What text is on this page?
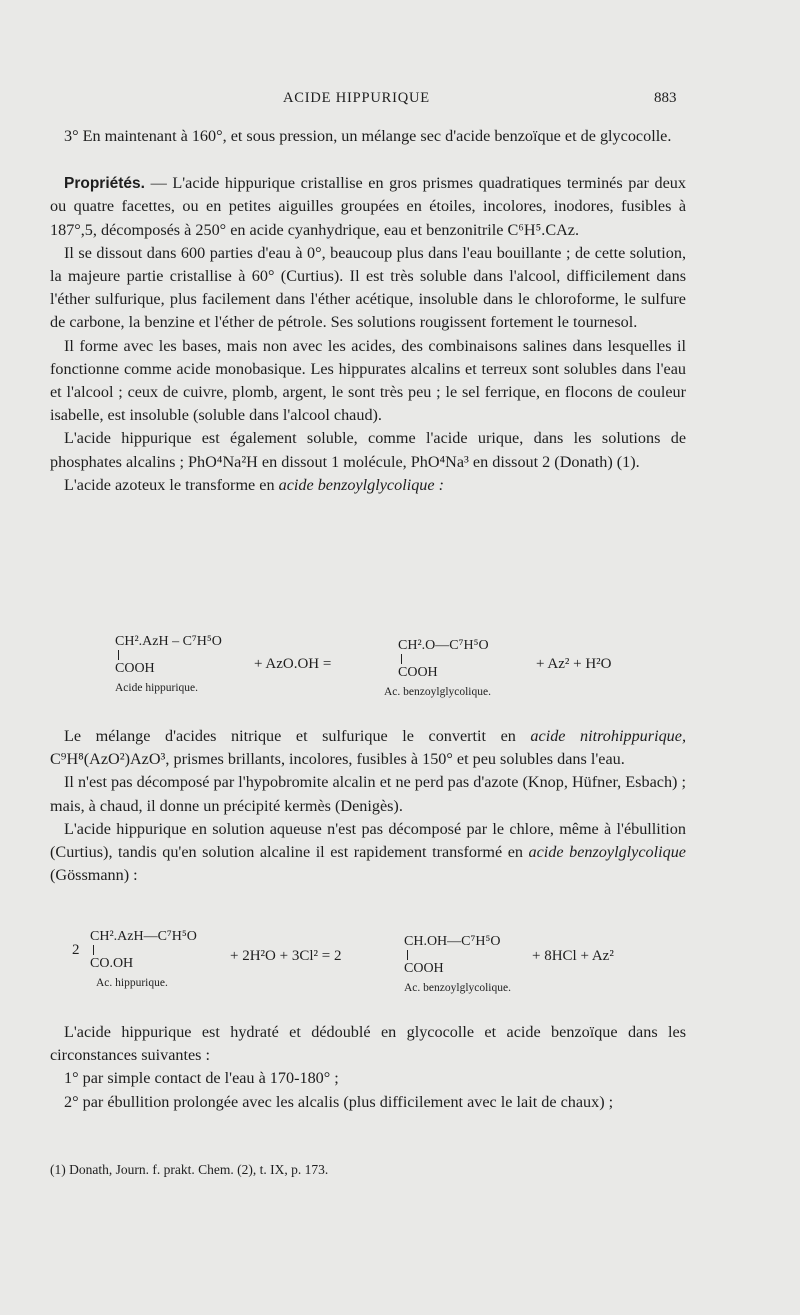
ACIDE HIPPURIQUE	883

3° En maintenant à 160°, et sous pression, un mélange sec d'acide benzoïque et de glycocolle.

Propriétés. — L'acide hippurique cristallise en gros prismes quadratiques terminés par deux ou quatre facettes, ou en petites aiguilles groupées en étoiles, incolores, inodores, fusibles à 187°,5, décomposés à 250° en acide cyanhydrique, eau et benzonitrile C⁶H⁵.CAz.

Il se dissout dans 600 parties d'eau à 0°, beaucoup plus dans l'eau bouillante ; de cette solution, la majeure partie cristallise à 60° (Curtius). Il est très soluble dans l'alcool, difficilement dans l'éther sulfurique, plus facilement dans l'éther acétique, insoluble dans le chloroforme, le sulfure de carbone, la benzine et l'éther de pétrole. Ses solutions rougissent fortement le tournesol.

Il forme avec les bases, mais non avec les acides, des combinaisons salines dans lesquelles il fonctionne comme acide monobasique. Les hippurates alcalins et terreux sont solubles dans l'eau et l'alcool ; ceux de cuivre, plomb, argent, le sont très peu ; le sel ferrique, en flocons de couleur isabelle, est insoluble (soluble dans l'alcool chaud).

L'acide hippurique est également soluble, comme l'acide urique, dans les solutions de phosphates alcalins ; PhO⁴Na²H en dissout 1 molécule, PhO⁴Na³ en dissout 2 (Donath) (1).

L'acide azoteux le transforme en acide benzoylglycolique :

CH².AzH – C⁷H⁵O
COOH
Acide hippurique.
+ AzO.OH =
CH².O—C⁷H⁵O
COOH
Ac. benzoylglycolique.
+ Az² + H²O

Le mélange d'acides nitrique et sulfurique le convertit en acide nitrohippurique, C⁹H⁸(AzO²)AzO³, prismes brillants, incolores, fusibles à 150° et peu solubles dans l'eau.

Il n'est pas décomposé par l'hypobromite alcalin et ne perd pas d'azote (Knop, Hüfner, Esbach) ; mais, à chaud, il donne un précipité kermès (Denigès).

L'acide hippurique en solution aqueuse n'est pas décomposé par le chlore, même à l'ébullition (Curtius), tandis qu'en solution alcaline il est rapidement transformé en acide benzoylglycolique (Gössmann) :

2
CH².AzH—C⁷H⁵O
CO.OH
Ac. hippurique.
+ 2H²O + 3Cl² = 2
CH.OH—C⁷H⁵O
COOH
Ac. benzoylglycolique.
+ 8HCl + Az²

L'acide hippurique est hydraté et dédoublé en glycocolle et acide benzoïque dans les circonstances suivantes :

1° par simple contact de l'eau à 170-180° ;

2° par ébullition prolongée avec les alcalis (plus difficilement avec le lait de chaux) ;

(1) Donath, Journ. f. prakt. Chem. (2), t. IX, p. 173.
